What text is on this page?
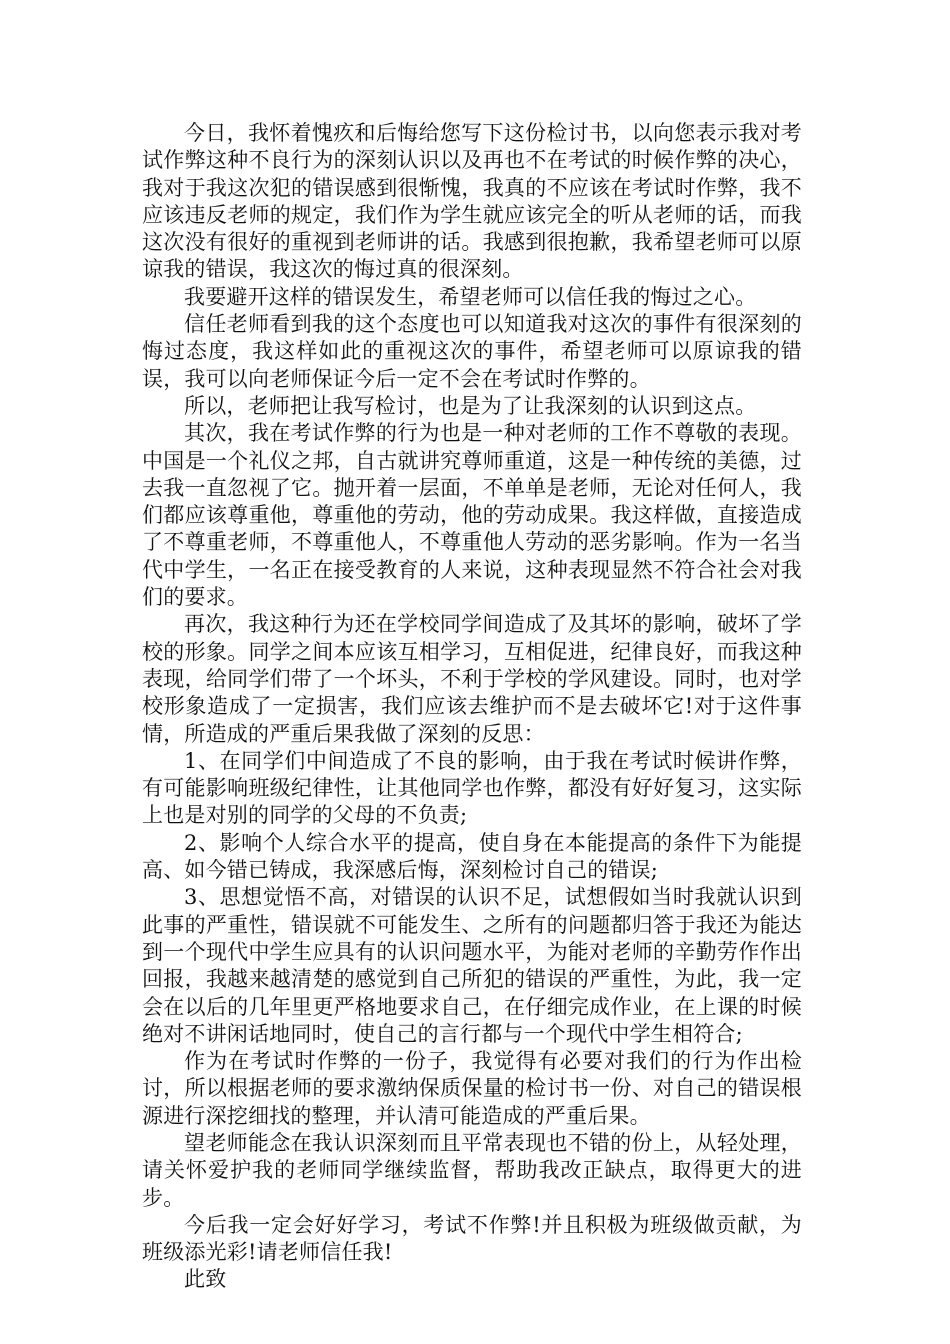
今日，我怀着愧疚和后悔给您写下这份检讨书，以向您表示我对考试作弊这种不良行为的深刻认识以及再也不在考试的时候作弊的决心，我对于我这次犯的错误感到很惭愧，我真的不应该在考试时作弊，我不应该违反老师的规定，我们作为学生就应该完全的听从老师的话，而我这次没有很好的重视到老师讲的话。我感到很抱歉，我希望老师可以原谅我的错误，我这次的悔过真的很深刻。

我要避开这样的错误发生，希望老师可以信任我的悔过之心。

信任老师看到我的这个态度也可以知道我对这次的事件有很深刻的悔过态度，我这样如此的重视这次的事件，希望老师可以原谅我的错误，我可以向老师保证今后一定不会在考试时作弊的。

所以，老师把让我写检讨，也是为了让我深刻的认识到这点。

其次，我在考试作弊的行为也是一种对老师的工作不尊敬的表现。中国是一个礼仪之邦，自古就讲究尊师重道，这是一种传统的美德，过去我一直忽视了它。抛开着一层面，不单单是老师，无论对任何人，我们都应该尊重他，尊重他的劳动，他的劳动成果。我这样做，直接造成了不尊重老师，不尊重他人，不尊重他人劳动的恶劣影响。作为一名当代中学生，一名正在接受教育的人来说，这种表现显然不符合社会对我们的要求。

再次，我这种行为还在学校同学间造成了及其坏的影响，破坏了学校的形象。同学之间本应该互相学习，互相促进，纪律良好，而我这种表现，给同学们带了一个坏头，不利于学校的学风建设。同时，也对学校形象造成了一定损害，我们应该去维护而不是去破坏它!对于这件事情，所造成的严重后果我做了深刻的反思：

1、在同学们中间造成了不良的影响，由于我在考试时候讲作弊，有可能影响班级纪律性，让其他同学也作弊，都没有好好复习，这实际上也是对别的同学的父母的不负责;

2、影响个人综合水平的提高，使自身在本能提高的条件下为能提高、如今错已铸成，我深感后悔，深刻检讨自己的错误;

3、思想觉悟不高，对错误的认识不足，试想假如当时我就认识到此事的严重性，错误就不可能发生、之所有的问题都归答于我还为能达到一个现代中学生应具有的认识问题水平，为能对老师的辛勤劳作作出回报，我越来越清楚的感觉到自己所犯的错误的严重性，为此，我一定会在以后的几年里更严格地要求自己，在仔细完成作业，在上课的时候绝对不讲闲话地同时，使自己的言行都与一个现代中学生相符合;

作为在考试时作弊的一份子，我觉得有必要对我们的行为作出检讨，所以根据老师的要求激纳保质保量的检讨书一份、对自己的错误根源进行深挖细找的整理，并认清可能造成的严重后果。

望老师能念在我认识深刻而且平常表现也不错的份上，从轻处理，请关怀爱护我的老师同学继续监督，帮助我改正缺点，取得更大的进步。

今后我一定会好好学习，考试不作弊!并且积极为班级做贡献，为班级添光彩!请老师信任我!

此致
